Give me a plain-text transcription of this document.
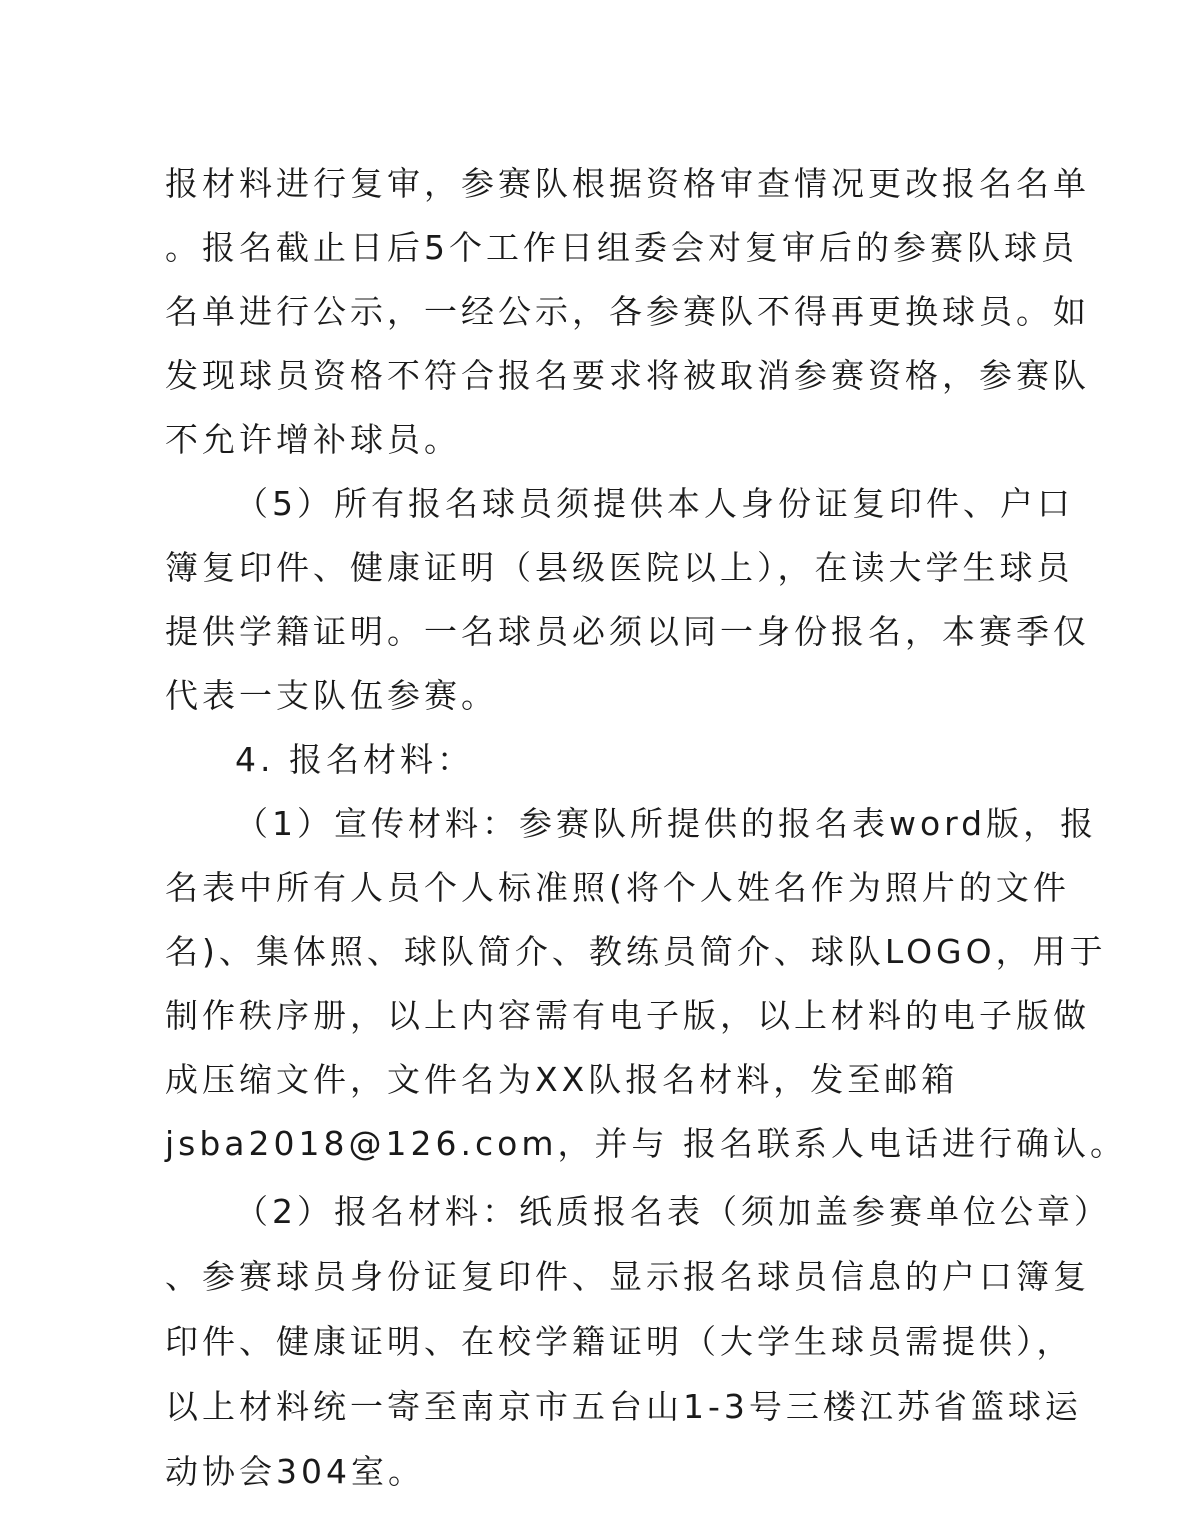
报材料进行复审，参赛队根据资格审查情况更改报名名单
。报名截止日后5个工作日组委会对复审后的参赛队球员
名单进行公示，一经公示，各参赛队不得再更换球员。如
发现球员资格不符合报名要求将被取消参赛资格，参赛队
不允许增补球员。
（5）所有报名球员须提供本人身份证复印件、户口
簿复印件、健康证明（县级医院以上），在读大学生球员
提供学籍证明。一名球员必须以同一身份报名，本赛季仅
代表一支队伍参赛。
4. 报名材料：
（1）宣传材料：参赛队所提供的报名表word版，报
名表中所有人员个人标准照(将个人姓名作为照片的文件
名)、集体照、球队简介、教练员简介、球队LOGO，用于
制作秩序册，以上内容需有电子版，以上材料的电子版做
成压缩文件，文件名为XX队报名材料，发至邮箱
jsba2018@126.com，并与 报名联系人电话进行确认。
（2）报名材料：纸质报名表（须加盖参赛单位公章）
、参赛球员身份证复印件、显示报名球员信息的户口簿复
印件、健康证明、在校学籍证明（大学生球员需提供），
以上材料统一寄至南京市五台山1-3号三楼江苏省篮球运
动协会304室。
